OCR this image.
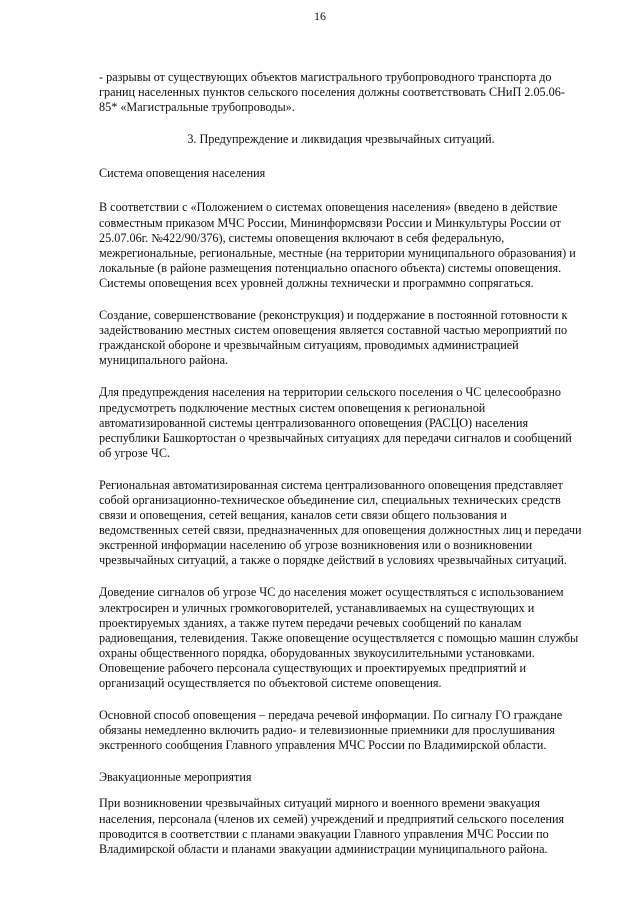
16

- разрывы от существующих объектов магистрального трубопроводного транспорта до границ населенных пунктов сельского поселения должны соответствовать СНиП 2.05.06-85* «Магистральные трубопроводы».

3. Предупреждение и ликвидация чрезвычайных ситуаций.

Система оповещения населения

В соответствии с «Положением о системах оповещения населения» (введено в действие совместным приказом МЧС России, Мининформсвязи России и Минкультуры России от 25.07.06г. №422/90/376), системы оповещения включают в себя федеральную, межрегиональные, региональные, местные (на территории муниципального образования) и локальные (в районе размещения потенциально опасного объекта) системы оповещения. Системы оповещения всех уровней должны технически и программно сопрягаться.

Создание, совершенствование (реконструкция) и поддержание в постоянной готовности к задействованию местных систем оповещения является составной частью мероприятий по гражданской обороне и чрезвычайным ситуациям, проводимых администрацией муниципального района.

Для предупреждения населения на территории сельского поселения о ЧС целесообразно предусмотреть подключение местных систем оповещения к региональной автоматизированной системы централизованного оповещения (РАСЦО) населения республики Башкортостан о чрезвычайных ситуациях для передачи сигналов и сообщений об угрозе ЧС.

Региональная автоматизированная система централизованного оповещения представляет собой организационно-техническое объединение сил, специальных технических средств связи и оповещения, сетей вещания, каналов сети связи общего пользования и ведомственных сетей связи, предназначенных для оповещения должностных лиц и передачи экстренной информации населению об угрозе возникновения или о возникновении чрезвычайных ситуаций, а также о порядке действий в условиях чрезвычайных ситуаций.

Доведение сигналов об угрозе ЧС до населения может осуществляться с использованием электросирен и уличных громкоговорителей, устанавливаемых на существующих и проектируемых зданиях, а также путем передачи речевых сообщений по каналам радиовещания, телевидения. Также оповещение осуществляется с помощью машин службы охраны общественного порядка, оборудованных звукоусилительными установками. Оповещение рабочего персонала существующих и проектируемых предприятий и организаций осуществляется по объектовой системе оповещения.

Основной способ оповещения – передача речевой информации. По сигналу ГО граждане обязаны немедленно включить радио- и телевизионные приемники для прослушивания экстренного сообщения Главного управления МЧС России по Владимирской области.

Эвакуационные мероприятия

При возникновении чрезвычайных ситуаций мирного и военного времени эвакуация населения, персонала (членов их семей) учреждений и предприятий сельского поселения проводится в соответствии с планами эвакуации Главного управления МЧС России по Владимирской области и планами эвакуации администрации муниципального района.
